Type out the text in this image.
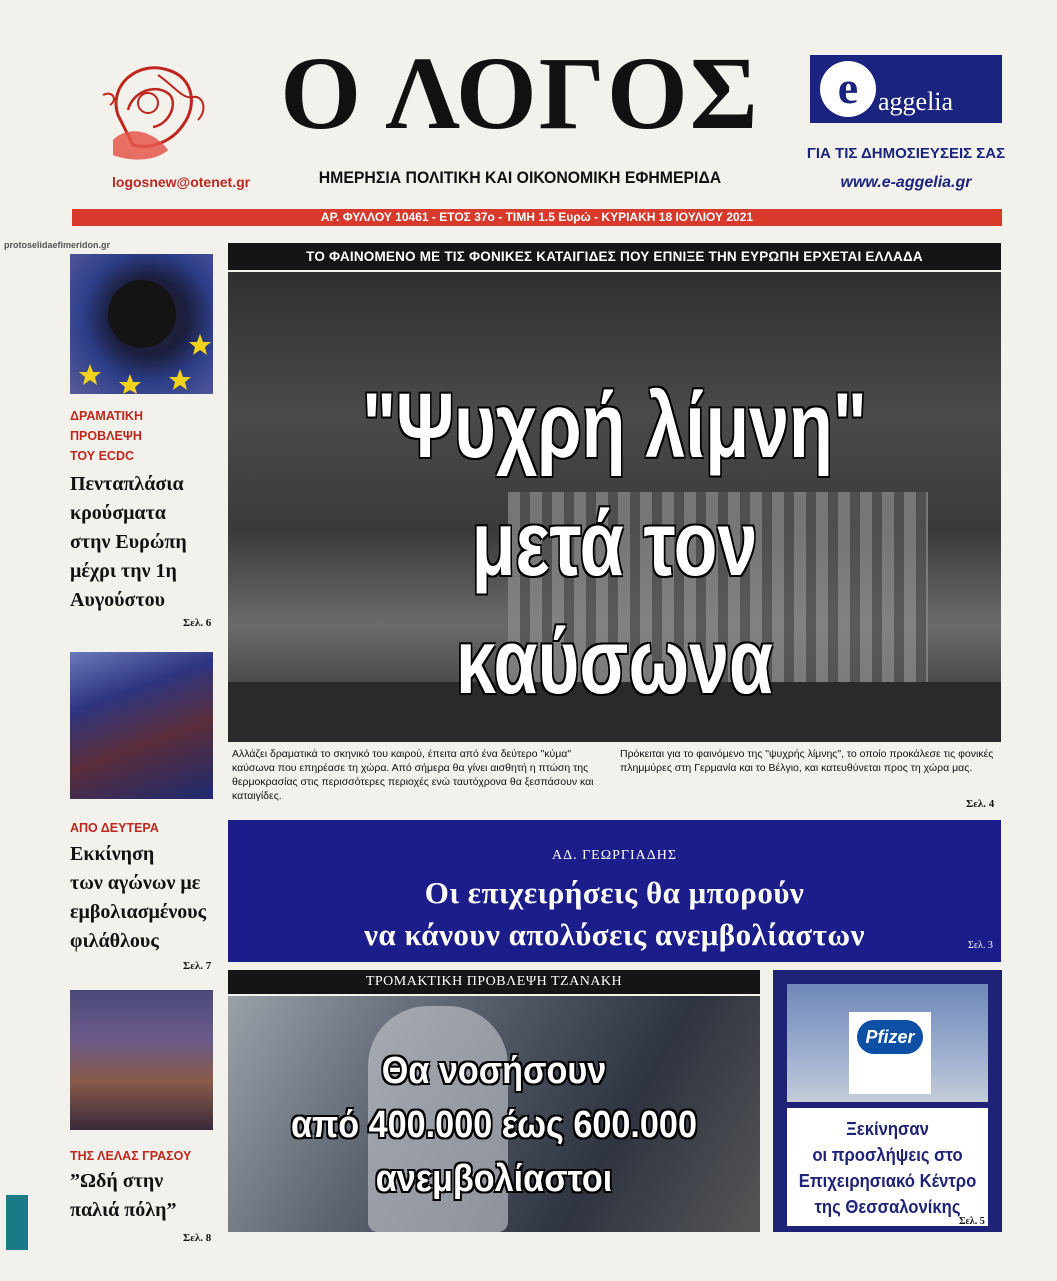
logosnew@otenet.gr
Ο ΛΟΓΟΣ
ΗΜΕΡΗΣΙΑ ΠΟΛΙΤΙΚΗ ΚΑΙ ΟΙΚΟΝΟΜΙΚΗ ΕΦΗΜΕΡΙΔΑ
e aggelia
ΓΙΑ ΤΙΣ ΔΗΜΟΣΙΕΥΣΕΙΣ ΣΑΣ
www.e-aggelia.gr
ΑΡ. ΦΥΛΛΟΥ 10461 - ΕΤΟΣ 37ο - ΤΙΜΗ 1.5 Ευρώ - ΚΥΡΙΑΚΗ 18 ΙΟΥΛΙΟΥ 2021
protoselidaefimeridon.gr
ΔΡΑΜΑΤΙΚΗ
ΠΡΟΒΛΕΨΗ
ΤΟΥ ECDC
Πενταπλάσια
κρούσματα
στην Ευρώπη
μέχρι την 1η
Αυγούστου
Σελ. 6
ΑΠΟ ΔΕΥΤΕΡΑ
Εκκίνηση
των αγώνων με
εμβολιασμένους
φιλάθλους
Σελ. 7
ΤΗΣ ΛΕΛΑΣ ΓΡΑΣΟΥ
”Ωδή στην
παλιά πόλη”
Σελ. 8
ΤΟ ΦΑΙΝΟΜΕΝΟ ΜΕ ΤΙΣ ΦΟΝΙΚΕΣ ΚΑΤΑΙΓΙΔΕΣ ΠΟΥ ΕΠΝΙΞΕ ΤΗΝ ΕΥΡΩΠΗ ΕΡΧΕΤΑΙ ΕΛΛΑΔΑ
"Ψυχρή λίμνη"
μετά τον καύσωνα
Αλλάζει δραματικά το σκηνικό του καιρού, έπειτα από ένα δεύτερο "κύμα" καύσωνα που επηρέασε τη χώρα. Από σήμερα θα γίνει αισθητή η πτώση της θερμοκρασίας στις περισσότερες περιοχές ενώ ταυτόχρονα θα ξεσπάσουν και καταιγίδες.
Πρόκειται για το φαινόμενο της "ψυχρής λίμνης", το οποίο προκάλεσε τις φονικές πλημμύρες στη Γερμανία και το Βέλγιο, και κατευθύνεται προς τη χώρα μας.
Σελ. 4
ΑΔ. ΓΕΩΡΓΙΑΔΗΣ
Οι επιχειρήσεις θα μπορούν
να κάνουν απολύσεις ανεμβολίαστων	Σελ. 3
ΤΡΟΜΑΚΤΙΚΗ ΠΡΟΒΛΕΨΗ ΤΖΑΝΑΚΗ
Θα νοσήσουν
από 400.000 έως 600.000
ανεμβολίαστοι
Pfizer
Ξεκίνησαν
οι προσλήψεις στο
Επιχειρησιακό Κέντρο
της Θεσσαλονίκης
Σελ. 5
